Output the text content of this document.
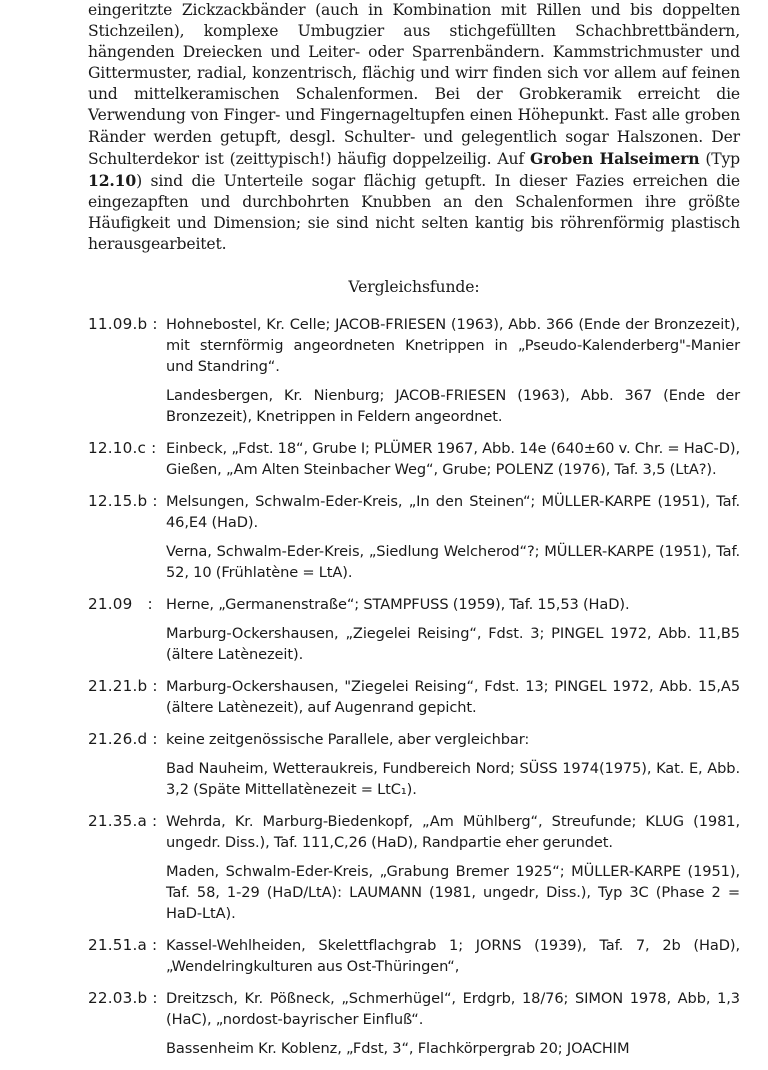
eingeritzte Zickzackbänder (auch in Kombination mit Rillen und bis doppelten Stichzeilen), komplexe Umbugzier aus stichgefüllten Schachbrettbändern, hängenden Dreiecken und Leiter- oder Sparrenbändern. Kammstrichmuster und Gittermuster, radial, konzentrisch, flächig und wirr finden sich vor allem auf feinen und mittelkeramischen Schalenformen. Bei der Grobkeramik erreicht die Verwendung von Finger- und Fingernageltupfen einen Höhepunkt. Fast alle groben Ränder werden getupft, desgl. Schulter- und gelegentlich sogar Halszonen. Der Schulterdekor ist (zeittypisch!) häufig doppelzeilig. Auf Groben Halseimern (Typ 12.10) sind die Unterteile sogar flächig getupft. In dieser Fazies erreichen die eingezapften und durchbohrten Knubben an den Schalenformen ihre größte Häufigkeit und Dimension; sie sind nicht selten kantig bis röhrenförmig plastisch herausgearbeitet.

Vergleichsfunde:
11.09.b : Hohnebostel, Kr. Celle; JACOB-FRIESEN (1963), Abb. 366 (Ende der Bronzezeit), mit sternförmig angeordneten Knetrippen in „Pseudo-Kalenderberg"-Manier und Standring“.

Landesbergen, Kr. Nienburg; JACOB-FRIESEN (1963), Abb. 367 (Ende der Bronzezeit), Knetrippen in Feldern angeordnet.

12.10.c : Einbeck, „Fdst. 18“, Grube I; PLÜMER 1967, Abb. 14e (640±60 v. Chr. = HaC-D), Gießen, „Am Alten Steinbacher Weg“, Grube; POLENZ (1976), Taf. 3,5 (LtA?).

12.15.b : Melsungen, Schwalm-Eder-Kreis, „In den Steinen“; MÜLLER-KARPE (1951), Taf. 46,E4 (HaD).

Verna, Schwalm-Eder-Kreis, „Siedlung Welcherod“?; MÜLLER-KARPE (1951), Taf. 52, 10 (Frühlatène = LtA).

21.09   : Herne, „Germanenstraße“; STAMPFUSS (1959), Taf. 15,53 (HaD).

Marburg-Ockershausen, „Ziegelei Reising“, Fdst. 3; PINGEL 1972, Abb. 11,B5 (ältere Latènezeit).

21.21.b : Marburg-Ockershausen, "Ziegelei Reising“, Fdst. 13; PINGEL 1972, Abb. 15,A5 (ältere Latènezeit), auf Augenrand gepicht.

21.26.d : keine zeitgenössische Parallele, aber vergleichbar:

Bad Nauheim, Wetteraukreis, Fundbereich Nord; SÜSS 1974(1975), Kat. E, Abb. 3,2 (Späte Mittellatènezeit = LtC₁).

21.35.a : Wehrda, Kr. Marburg-Biedenkopf, „Am Mühlberg“, Streufunde; KLUG (1981, ungedr. Diss.), Taf. 111,C,26 (HaD), Randpartie eher gerundet.

Maden, Schwalm-Eder-Kreis, „Grabung Bremer 1925“; MÜLLER-KARPE (1951), Taf. 58, 1-29 (HaD/LtA): LAUMANN (1981, ungedr, Diss.), Typ 3C (Phase 2 = HaD-LtA).

21.51.a : Kassel-Wehlheiden, Skelettflachgrab 1; JORNS (1939), Taf. 7, 2b (HaD), „Wendelringkulturen aus Ost-Thüringen“,

22.03.b : Dreitzsch, Kr. Pößneck, „Schmerhügel“, Erdgrb, 18/76; SIMON 1978, Abb, 1,3 (HaC), „nordost-bayrischer Einfluß“.

Bassenheim Kr. Koblenz, „Fdst, 3“, Flachkörpergrab 20; JOACHIM
